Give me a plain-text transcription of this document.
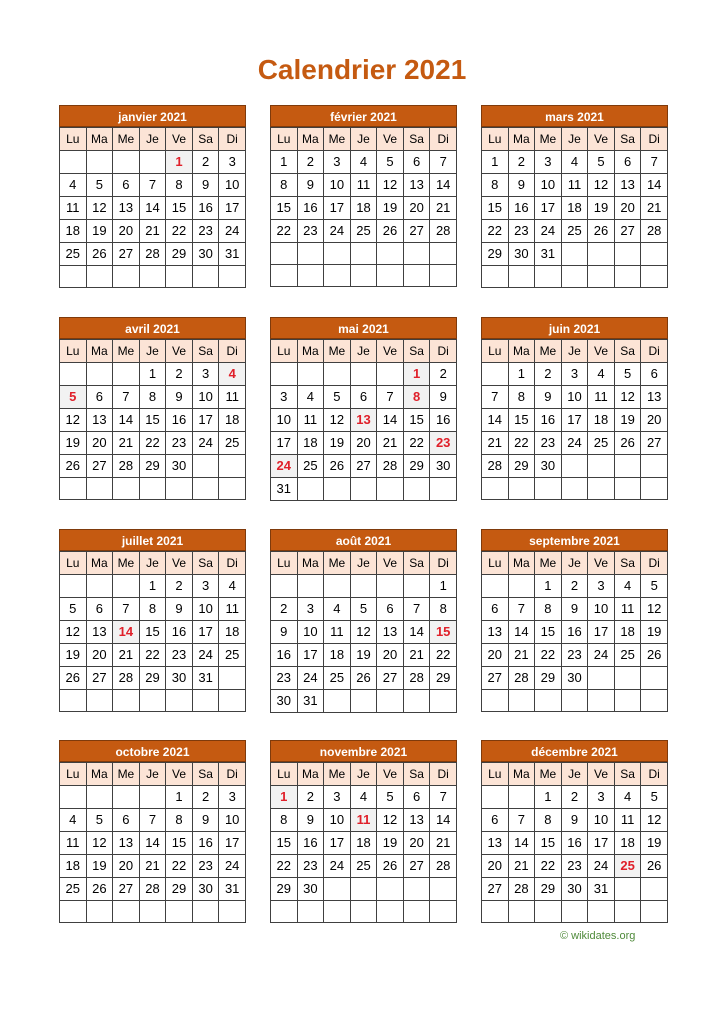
Calendrier 2021
janvier 2021
Lu	Ma	Me	Je	Ve	Sa	Di
				1	2	3
4	5	6	7	8	9	10
11	12	13	14	15	16	17
18	19	20	21	22	23	24
25	26	27	28	29	30	31

février 2021
Lu	Ma	Me	Je	Ve	Sa	Di
1	2	3	4	5	6	7
8	9	10	11	12	13	14
15	16	17	18	19	20	21
22	23	24	25	26	27	28

mars 2021
Lu	Ma	Me	Je	Ve	Sa	Di
1	2	3	4	5	6	7
8	9	10	11	12	13	14
15	16	17	18	19	20	21
22	23	24	25	26	27	28
29	30	31				

avril 2021
Lu	Ma	Me	Je	Ve	Sa	Di
			1	2	3	4
5	6	7	8	9	10	11
12	13	14	15	16	17	18
19	20	21	22	23	24	25
26	27	28	29	30		

mai 2021
Lu	Ma	Me	Je	Ve	Sa	Di
					1	2
3	4	5	6	7	8	9
10	11	12	13	14	15	16
17	18	19	20	21	22	23
24	25	26	27	28	29	30
31						
juin 2021
Lu	Ma	Me	Je	Ve	Sa	Di
	1	2	3	4	5	6
7	8	9	10	11	12	13
14	15	16	17	18	19	20
21	22	23	24	25	26	27
28	29	30				

juillet 2021
Lu	Ma	Me	Je	Ve	Sa	Di
			1	2	3	4
5	6	7	8	9	10	11
12	13	14	15	16	17	18
19	20	21	22	23	24	25
26	27	28	29	30	31	

août 2021
Lu	Ma	Me	Je	Ve	Sa	Di
						1
2	3	4	5	6	7	8
9	10	11	12	13	14	15
16	17	18	19	20	21	22
23	24	25	26	27	28	29
30	31					
septembre 2021
Lu	Ma	Me	Je	Ve	Sa	Di
		1	2	3	4	5
6	7	8	9	10	11	12
13	14	15	16	17	18	19
20	21	22	23	24	25	26
27	28	29	30			

octobre 2021
Lu	Ma	Me	Je	Ve	Sa	Di
				1	2	3
4	5	6	7	8	9	10
11	12	13	14	15	16	17
18	19	20	21	22	23	24
25	26	27	28	29	30	31

novembre 2021
Lu	Ma	Me	Je	Ve	Sa	Di
1	2	3	4	5	6	7
8	9	10	11	12	13	14
15	16	17	18	19	20	21
22	23	24	25	26	27	28
29	30					

décembre 2021
Lu	Ma	Me	Je	Ve	Sa	Di
		1	2	3	4	5
6	7	8	9	10	11	12
13	14	15	16	17	18	19
20	21	22	23	24	25	26
27	28	29	30	31		

© wikidates.org
